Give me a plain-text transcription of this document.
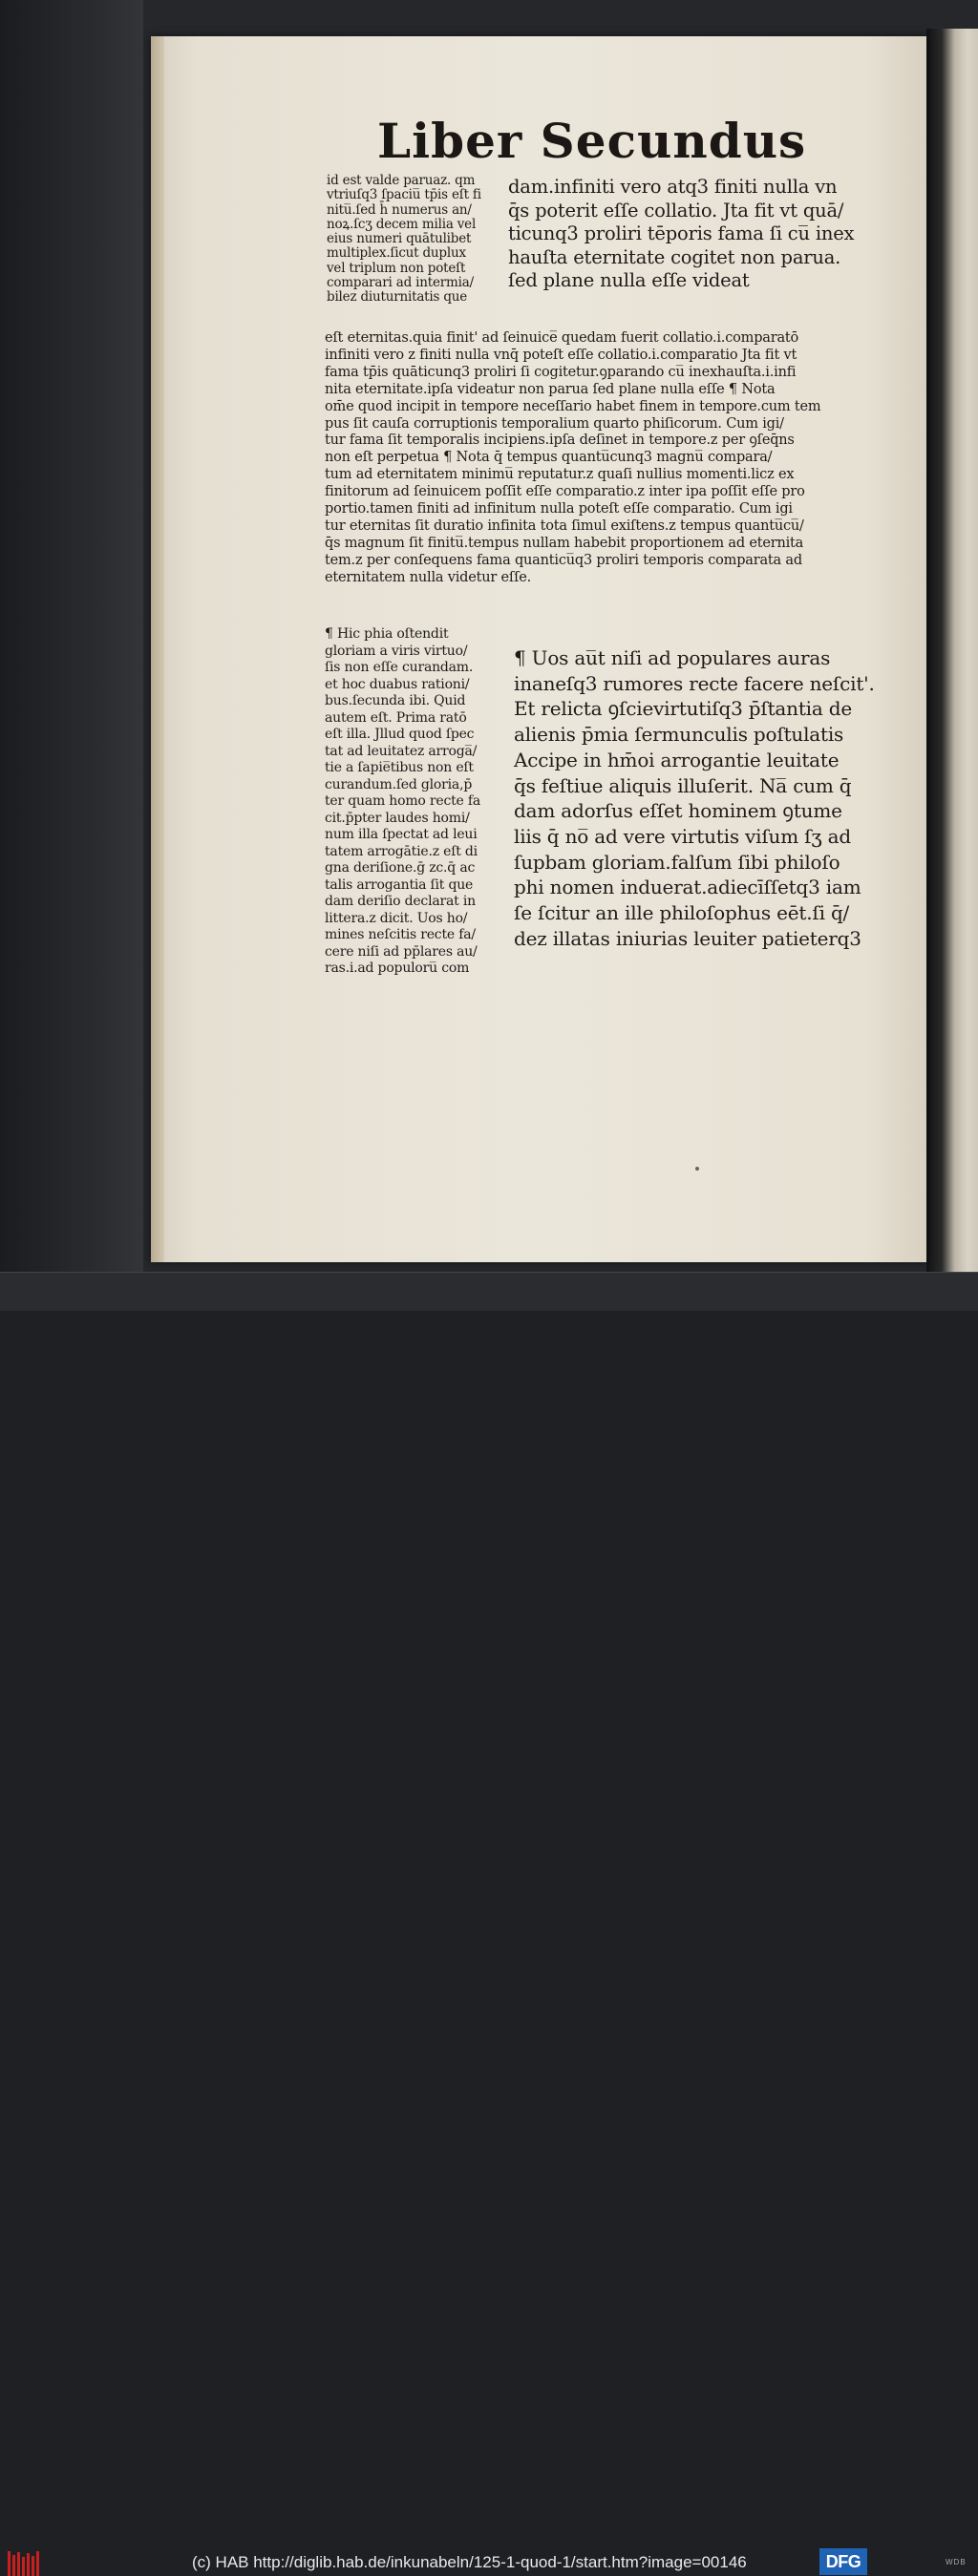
Liber Secundus
id est valde paruaz. qm
vtriuſq3 ſpaciu̅ tp̄is eſt fi
nitu̅.ſed h̄ numerus an/
noꝝ.ſcʒ decem milia vel
eius numeri quātulibet
multiplex.ſicut duplux
vel triplum non poteſt
comparari ad intermia/
bilez diuturnitatis que
dam.infiniti vero atq3 finiti nulla vn
q̄s poterit eſſe collatio. Jta fit vt quā/
ticunq3 proliri tēporis fama ſi cu̅ inex
hauſta eternitate cogitet non parua.
ſed plane nulla eſſe videat
eſt eternitas.quia finit' ad ſeinuice̅ quedam fuerit collatio.i.comparatō
infiniti vero z finiti nulla vnq̄ poteſt eſſe collatio.i.comparatio Jta fit vt
fama tp̄is quāticunq3 proliri ſi cogitetur.ꝯparando cu̅ inexhauſta.i.infi
nita eternitate.ipſa videatur non parua ſed plane nulla eſſe ¶ Nota
om̄e quod incipit in tempore neceſſario habet finem in tempore.cum tem
pus ſit cauſa corruptionis temporalium quarto phiſicorum. Cum igi/
tur fama ſit temporalis incipiens.ipſa deſinet in tempore.z per ꝯſeq̄ns
non eſt perpetua ¶ Nota q̄ tempus quantu̅cunq3 magnu̅ compara/
tum ad eternitatem minimu̅ reputatur.z quaſi nullius momenti.licz ex
finitorum ad ſeinuicem poſſit eſſe comparatio.z inter ipa poſſit eſſe pro
portio.tamen finiti ad infinitum nulla poteſt eſſe comparatio. Cum igi
tur eternitas ſit duratio infinita tota ſimul exiſtens.z tempus quantu̅cu̅/
q̄s magnum ſit finitu̅.tempus nullam habebit proportionem ad eternita
tem.z per conſequens fama quanticu̅q3 proliri temporis comparata ad
eternitatem nulla videtur eſſe.
¶ Hic phia oſtendit
gloriam a viris virtuo/
ſis non eſſe curandam.
et hoc duabus rationi/
bus.ſecunda ibi. Quid
autem eſt. Prima ratō
eſt illa. Jllud quod ſpec
tat ad leuitatez arroga̅/
tie a ſapie̅tibus non eſt
curandum.ſed gloria,p̄
ter quam homo recte fa
cit.p̄pter laudes homi/
num illa ſpectat ad leui
tatem arrogātie.z eſt di
gna deriſione.ḡ zc.q̄ ac
talis arrogantia ſit que
dam deriſio declarat in
littera.z dicit. Uos ho/
mines neſcitis recte fa/
cere niſi ad pp̄lares au/
ras.i.ad populoru̅ com
¶ Uos au̅t niſi ad populares auras
inaneſq3 rumores recte facere neſcit'.
Et relicta ꝯſcievirtutiſq3 p̄ſtantia de
alienis p̄mia ſermunculis poſtulatis
Accipe in hm̄oi arrogantie leuitate
q̄s feſtiue aliquis illuſerit. Na̅ cum q̄
dam adorſus eſſet hominem ꝯtume
liis q̄ no̅ ad vere virtutis viſum ſʒ ad
ſupbam gloriam.falſum ſibi philoſo
phi nomen induerat.adiecīſſetq3 iam
ſe ſcitur an ille philoſophus eēt.ſi q̄/
dez illatas iniurias leuiter patieterq3
(c) HAB http://diglib.hab.de/inkunabeln/125-1-quod-1/start.htm?image=00146	DFG	WDB
